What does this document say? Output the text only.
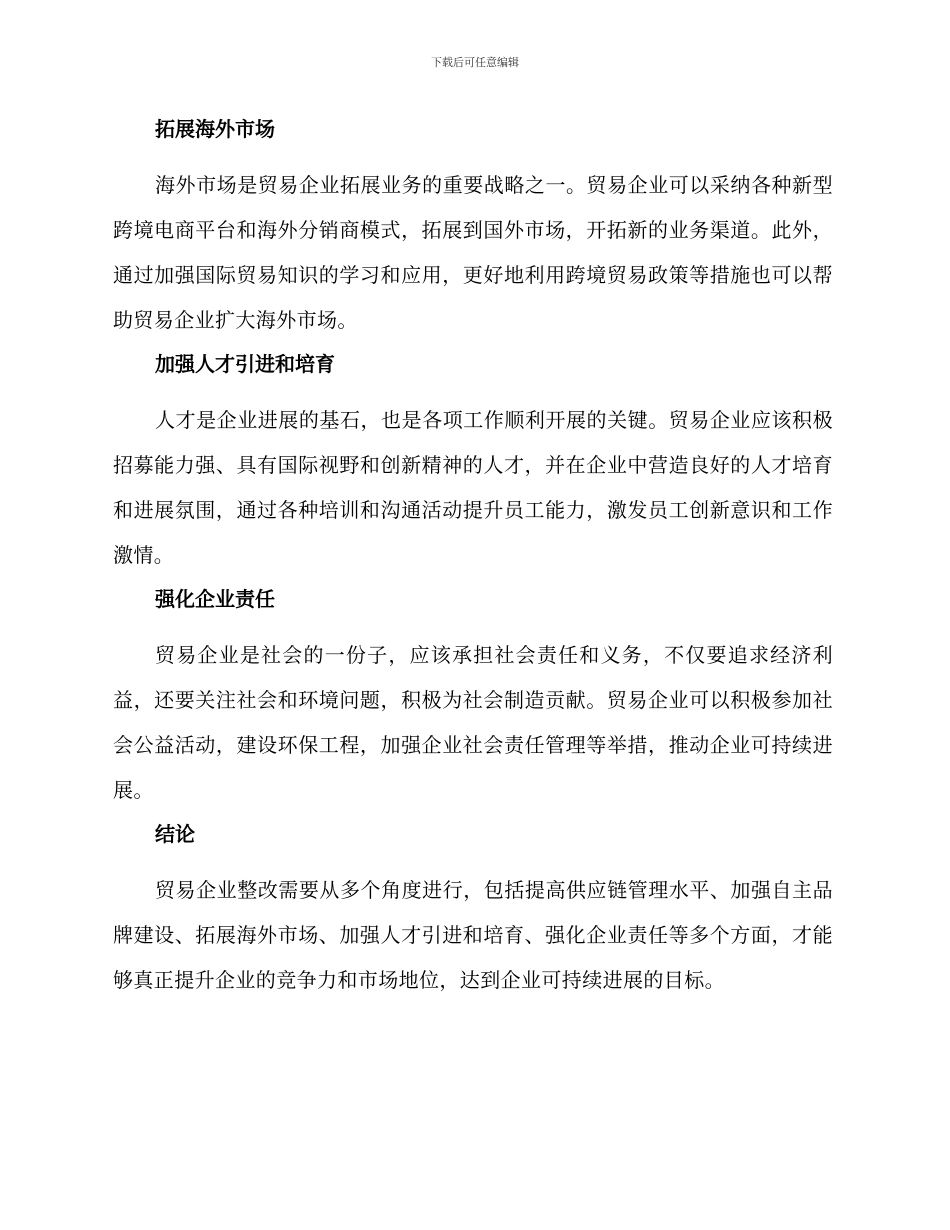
下载后可任意编辑
拓展海外市场

海外市场是贸易企业拓展业务的重要战略之一。贸易企业可以采纳各种新型跨境电商平台和海外分销商模式，拓展到国外市场，开拓新的业务渠道。此外，通过加强国际贸易知识的学习和应用，更好地利用跨境贸易政策等措施也可以帮助贸易企业扩大海外市场。

加强人才引进和培育

人才是企业进展的基石，也是各项工作顺利开展的关键。贸易企业应该积极招募能力强、具有国际视野和创新精神的人才，并在企业中营造良好的人才培育和进展氛围，通过各种培训和沟通活动提升员工能力，激发员工创新意识和工作激情。

强化企业责任

贸易企业是社会的一份子，应该承担社会责任和义务，不仅要追求经济利益，还要关注社会和环境问题，积极为社会制造贡献。贸易企业可以积极参加社会公益活动，建设环保工程，加强企业社会责任管理等举措，推动企业可持续进展。

结论

贸易企业整改需要从多个角度进行，包括提高供应链管理水平、加强自主品牌建设、拓展海外市场、加强人才引进和培育、强化企业责任等多个方面，才能够真正提升企业的竞争力和市场地位，达到企业可持续进展的目标。
